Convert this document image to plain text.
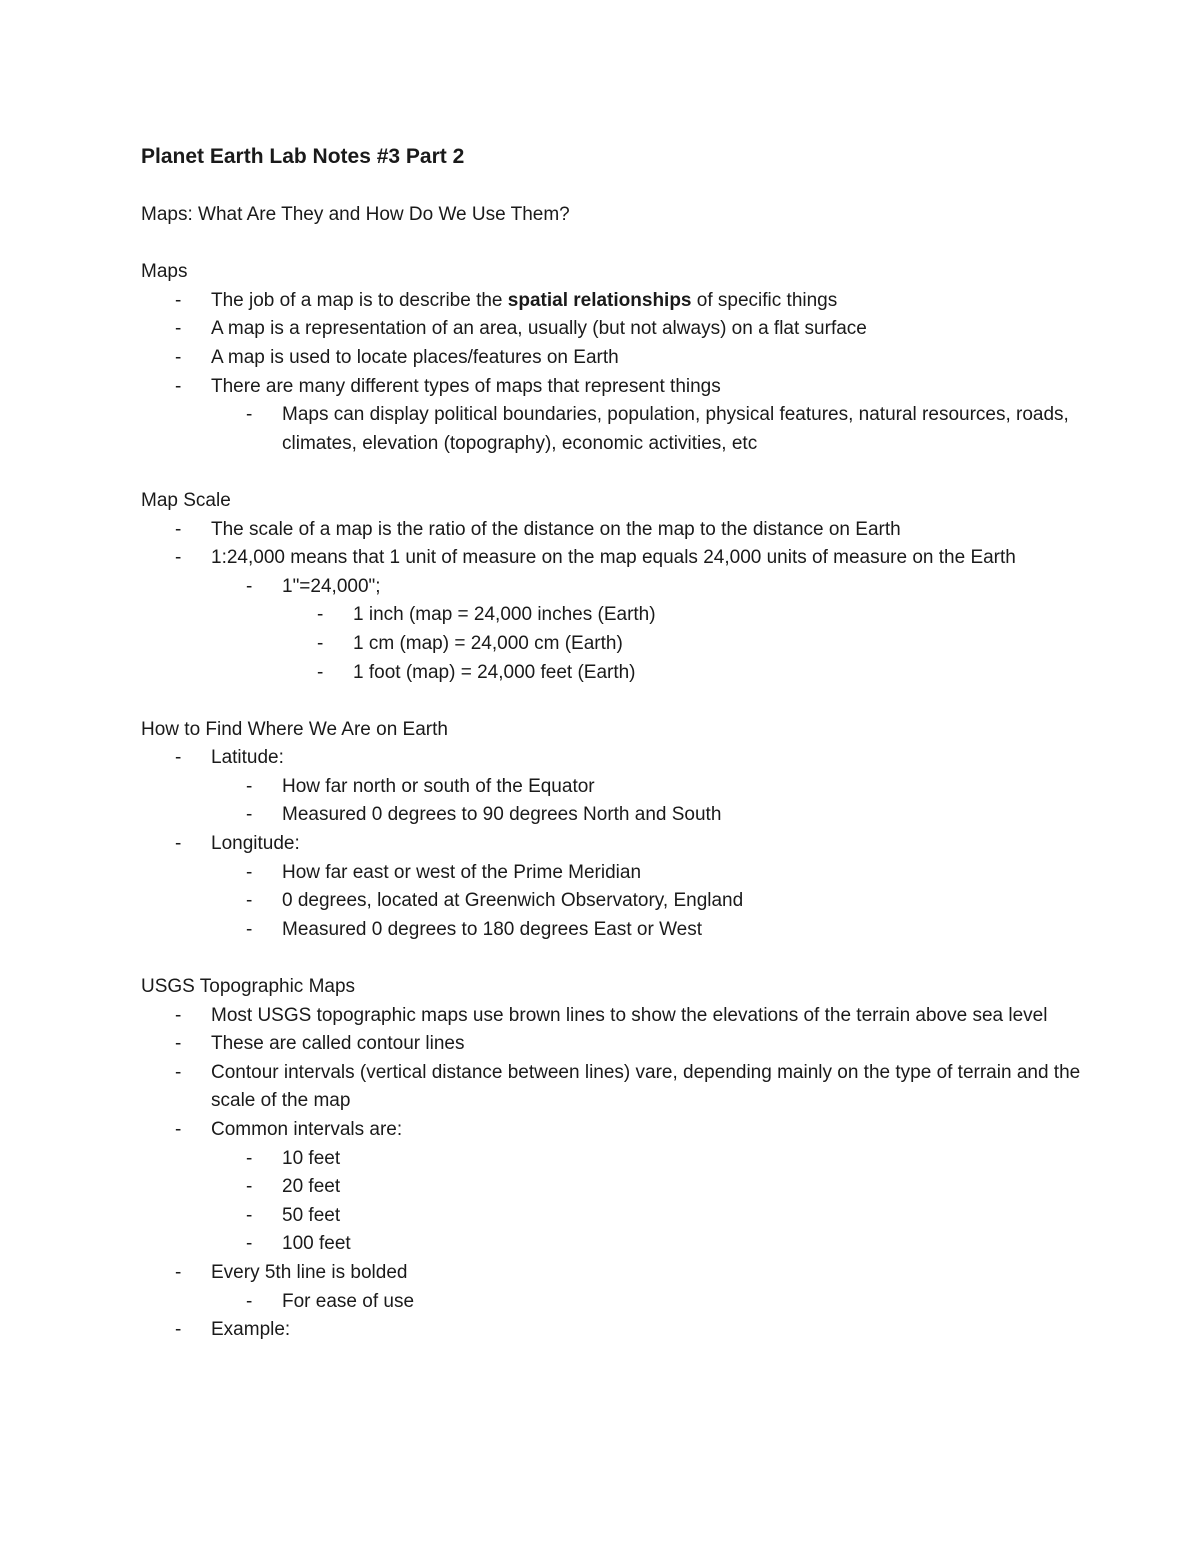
Planet Earth Lab Notes #3 Part 2
Maps: What Are They and How Do We Use Them?
Maps
- The job of a map is to describe the spatial relationships of specific things
- A map is a representation of an area, usually (but not always) on a flat surface
- A map is used to locate places/features on Earth
- There are many different types of maps that represent things
- Maps can display political boundaries, population, physical features, natural resources, roads, climates, elevation (topography), economic activities, etc
Map Scale
- The scale of a map is the ratio of the distance on the map to the distance on Earth
- 1:24,000 means that 1 unit of measure on the map equals 24,000 units of measure on the Earth
- 1"=24,000";
- 1 inch (map = 24,000 inches (Earth)
- 1 cm (map) = 24,000 cm (Earth)
- 1 foot (map) = 24,000 feet (Earth)
How to Find Where We Are on Earth
- Latitude:
- How far north or south of the Equator
- Measured 0 degrees to 90 degrees North and South
- Longitude:
- How far east or west of the Prime Meridian
- 0 degrees, located at Greenwich Observatory, England
- Measured 0 degrees to 180 degrees East or West
USGS Topographic Maps
- Most USGS topographic maps use brown lines to show the elevations of the terrain above sea level
- These are called contour lines
- Contour intervals (vertical distance between lines) vare, depending mainly on the type of terrain and the scale of the map
- Common intervals are:
- 10 feet
- 20 feet
- 50 feet
- 100 feet
- Every 5th line is bolded
- For ease of use
- Example:
